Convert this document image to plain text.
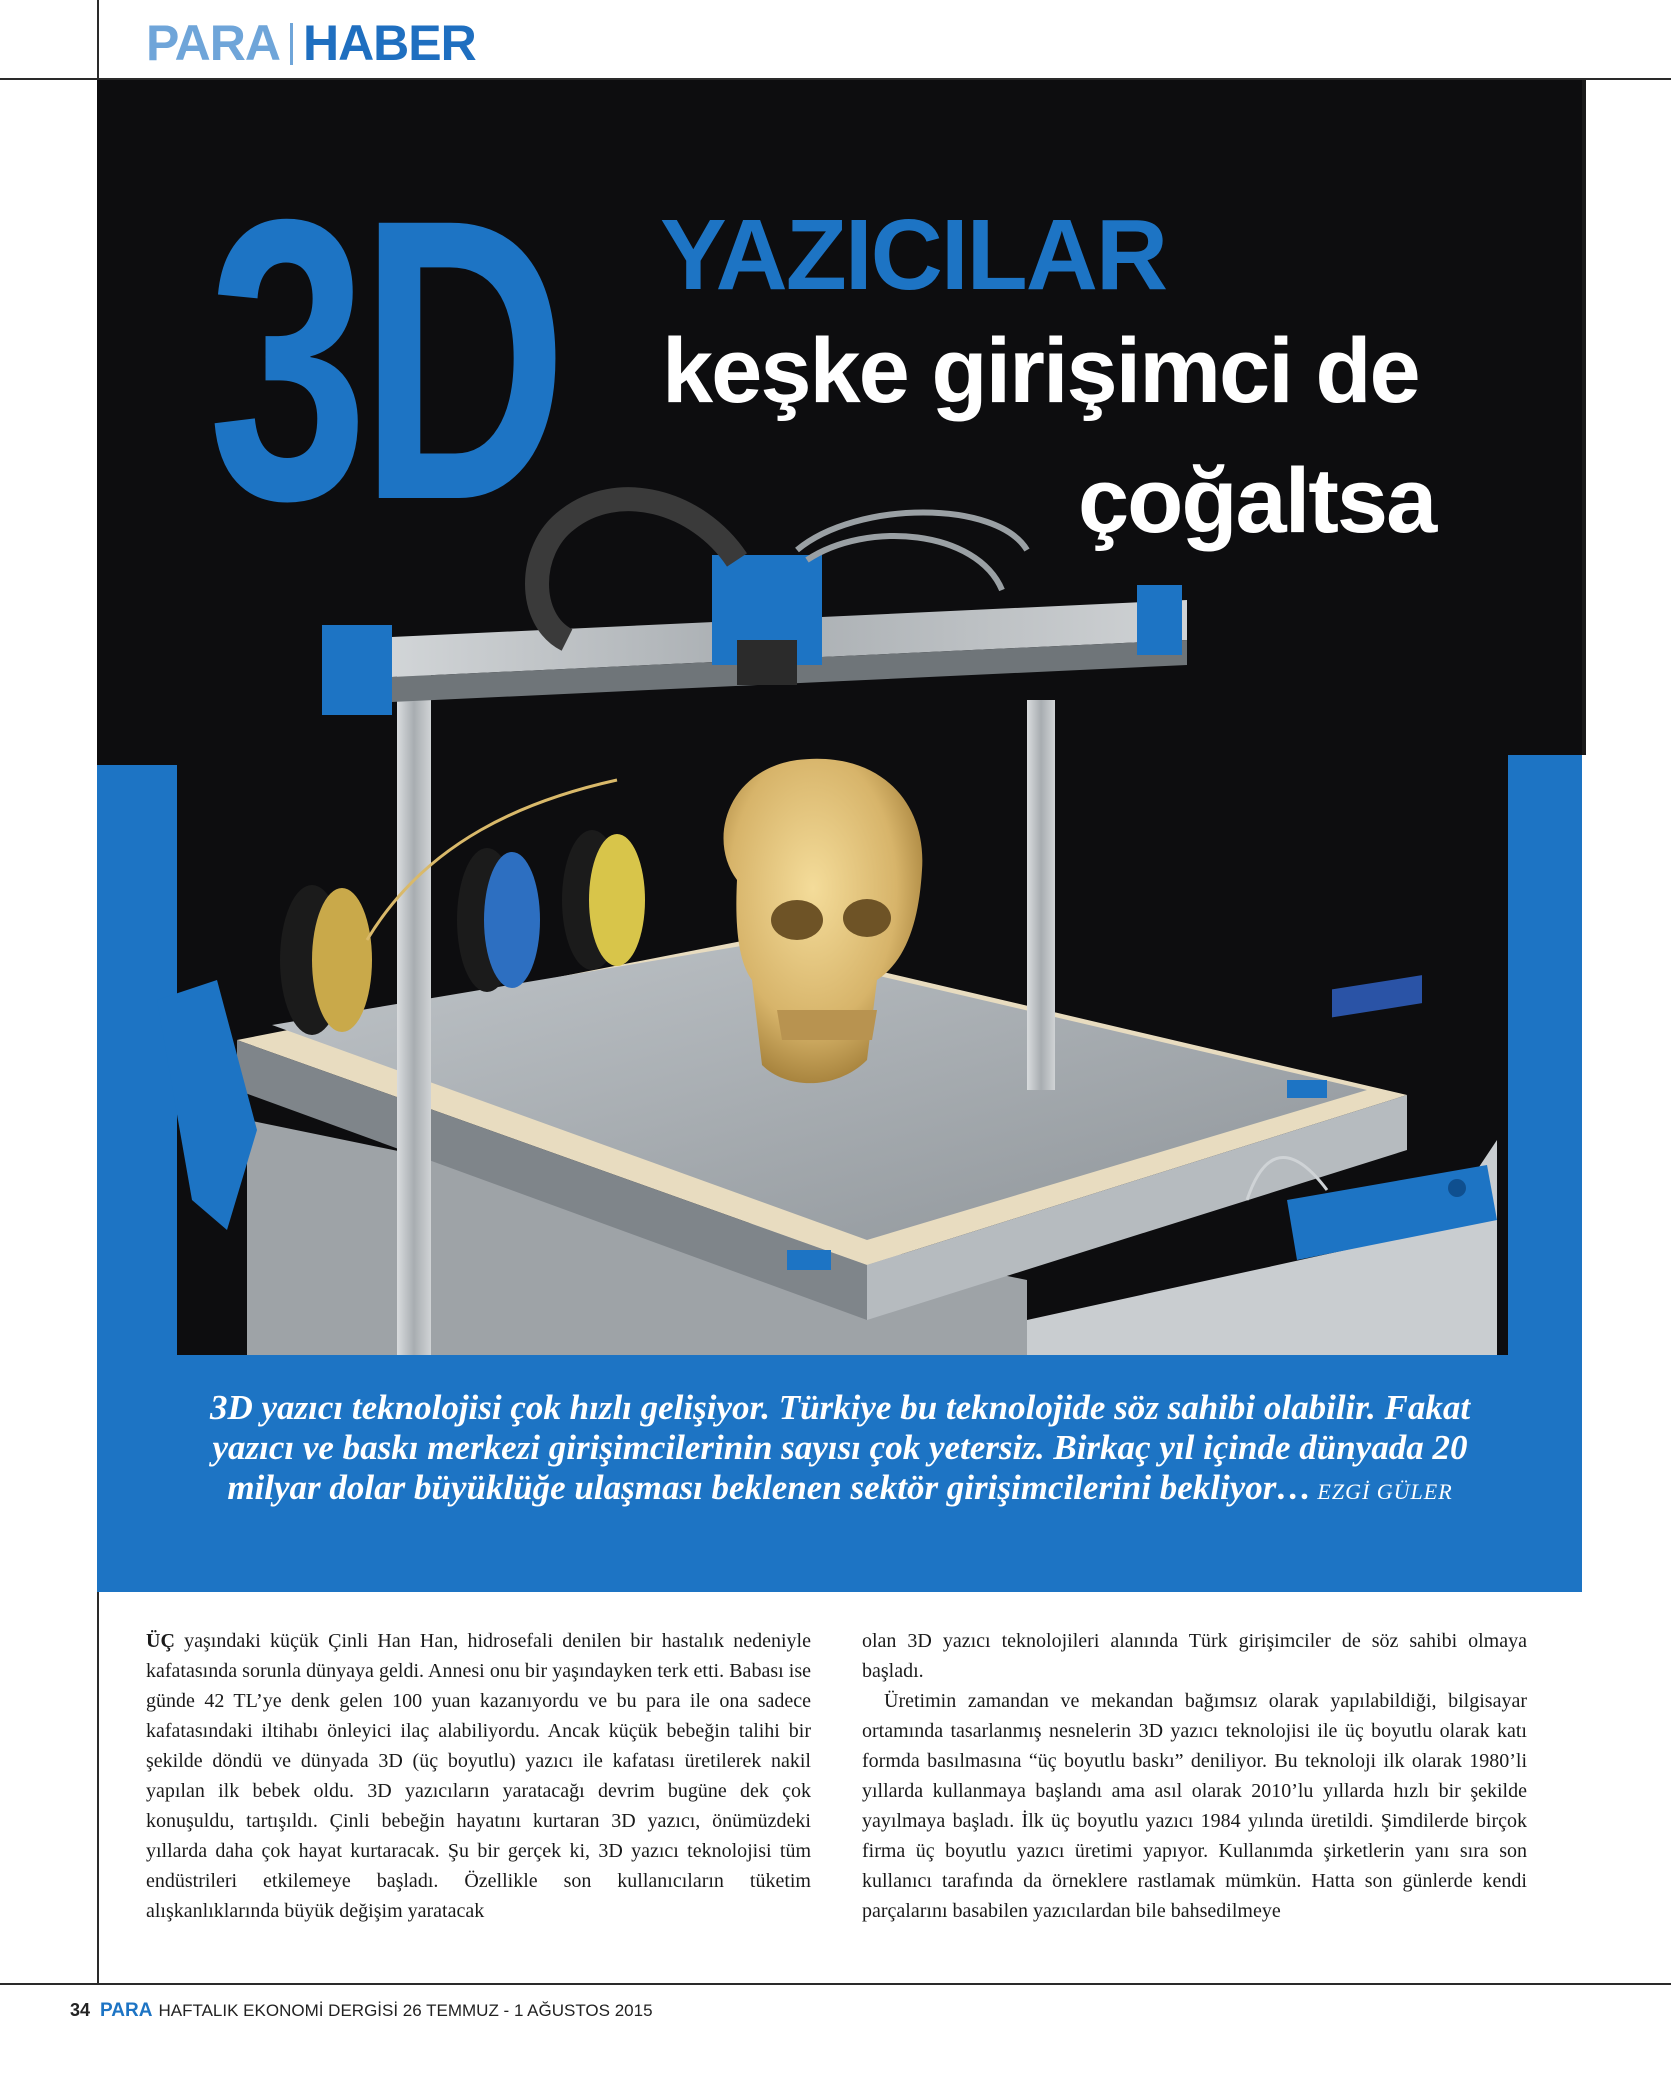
PARA HABER
3D YAZICILAR
keşke girişimci de
çoğaltsa
3D yazıcı teknolojisi çok hızlı gelişiyor. Türkiye bu teknolojide söz sahibi olabilir. Fakat yazıcı ve baskı merkezi girişimcilerinin sayısı çok yetersiz. Birkaç yıl içinde dünyada 20 milyar dolar büyüklüğe ulaşması beklenen sektör girişimcilerini bekliyor… EZGİ GÜLER

ÜÇ yaşındaki küçük Çinli Han Han, hidrosefali denilen bir hastalık nedeniyle kafatasında sorunla dünyaya geldi. Annesi onu bir yaşındayken terk etti. Babası ise günde 42 TL’ye denk gelen 100 yuan kazanıyordu ve bu para ile ona sadece kafatasındaki iltihabı önleyici ilaç alabiliyordu. Ancak küçük bebeğin talihi bir şekilde döndü ve dünyada 3D (üç boyutlu) yazıcı ile kafatası üretilerek nakil yapılan ilk bebek oldu. 3D yazıcıların yaratacağı devrim bugüne dek çok konuşuldu, tartışıldı. Çinli bebeğin hayatını kurtaran 3D yazıcı, önümüzdeki yıllarda daha çok hayat kurtaracak. Şu bir gerçek ki, 3D yazıcı teknolojisi tüm endüstrileri etkilemeye başladı. Özellikle son kullanıcıların tüketim alışkanlıklarında büyük değişim yaratacak

olan 3D yazıcı teknolojileri alanında Türk girişimciler de söz sahibi olmaya başladı.

Üretimin zamandan ve mekandan bağımsız olarak yapılabildiği, bilgisayar ortamında tasarlanmış nesnelerin 3D yazıcı teknolojisi ile üç boyutlu olarak katı formda basılmasına “üç boyutlu baskı” deniliyor. Bu teknoloji ilk olarak 1980’li yıllarda kullanmaya başlandı ama asıl olarak 2010’lu yıllarda hızlı bir şekilde yayılmaya başladı. İlk üç boyutlu yazıcı 1984 yılında üretildi. Şimdilerde birçok firma üç boyutlu yazıcı üretimi yapıyor. Kullanımda şirketlerin yanı sıra son kullanıcı tarafında da örneklere rastlamak mümkün. Hatta son günlerde kendi parçalarını basabilen yazıcılardan bile bahsedilmeye

34 PARA HAFTALIK EKONOMİ DERGİSİ 26 TEMMUZ - 1 AĞUSTOS 2015
